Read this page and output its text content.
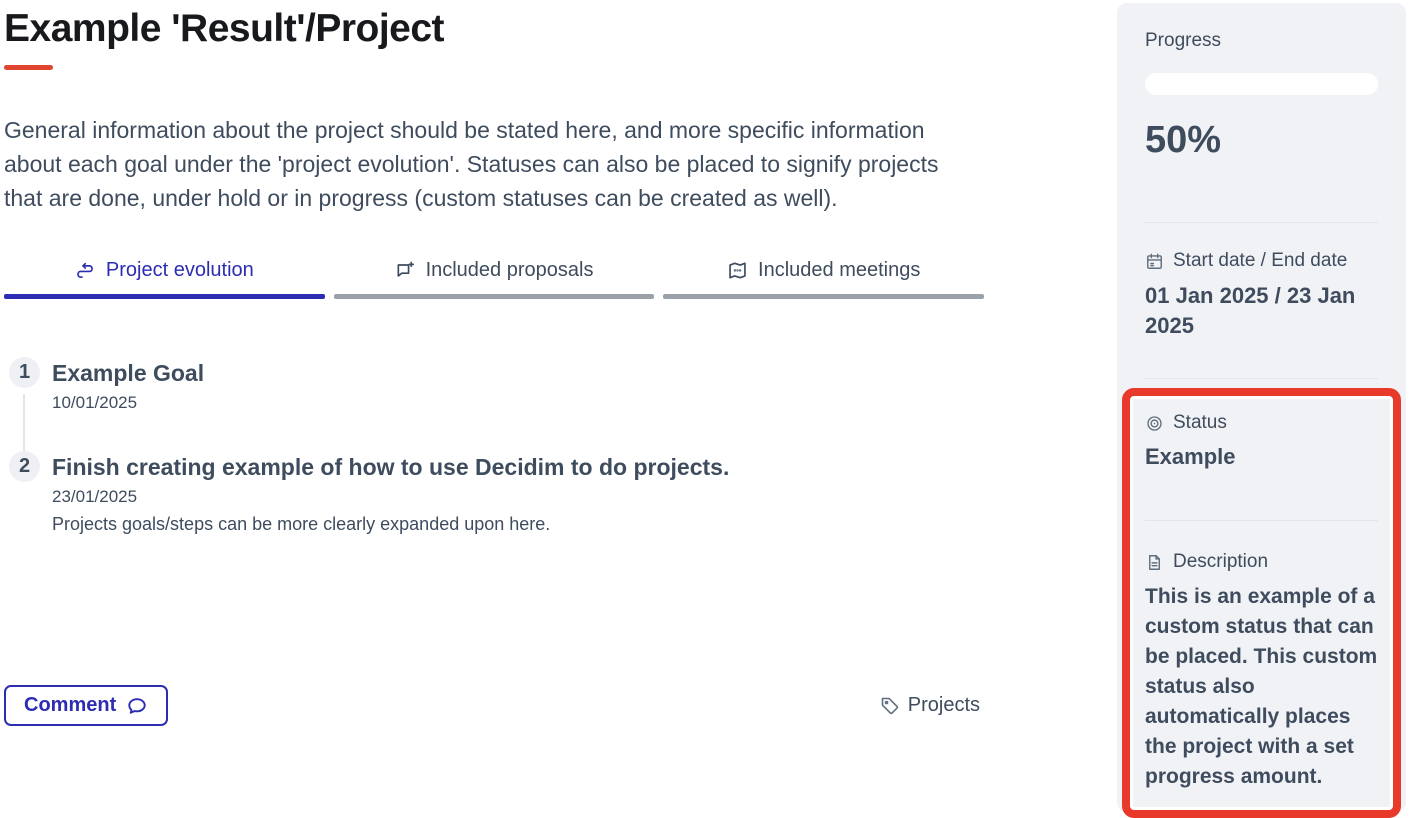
Example 'Result'/Project

General information about the project should be stated here, and more specific information about each goal under the 'project evolution'. Statuses can also be placed to signify projects that are done, under hold or in progress (custom statuses can be created as well).

Project evolution	Included proposals	Included meetings
1 Example Goal
10/01/2025
2 Finish creating example of how to use Decidim to do projects.
23/01/2025
Projects goals/steps can be more clearly expanded upon here.
Comment	Projects
Progress
50%
Start date / End date
01 Jan 2025 / 23 Jan 2025
Status
Example
Description
This is an example of a custom status that can be placed. This custom status also automatically places the project with a set progress amount.
